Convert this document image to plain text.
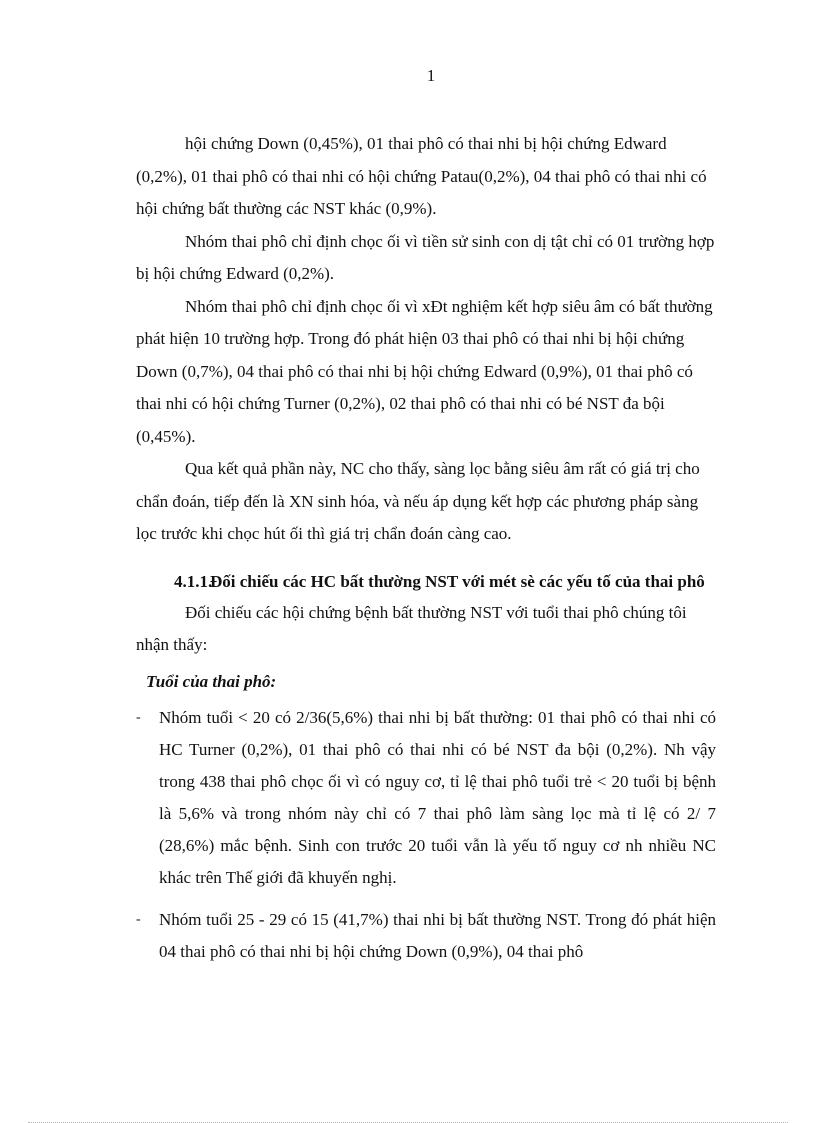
1

hội chứng Down (0,45%), 01 thai phô có thai nhi bị hội chứng Edward (0,2%), 01 thai phô có thai nhi có hội chứng Patau(0,2%), 04 thai phô có thai nhi có hội chứng bất thường các NST khác (0,9%).

Nhóm thai phô chỉ định chọc ối vì tiền sử sinh con dị tật chỉ có 01 trường hợp bị hội chứng Edward (0,2%).

Nhóm thai phô chỉ định chọc ối vì xÐt nghiệm kết hợp siêu âm có bất thường phát hiện 10 trường hợp. Trong đó phát hiện 03 thai phô có thai nhi bị hội chứng Down (0,7%), 04 thai phô có thai nhi bị hội chứng Edward (0,9%), 01 thai phô có thai nhi có hội chứng Turner (0,2%), 02 thai phô có thai nhi có bé NST đa bội (0,45%).

Qua kết quả phần này, NC cho thấy, sàng lọc bằng siêu âm rất có giá trị cho chẩn đoán, tiếp đến là XN sinh hóa, và nếu áp dụng kết hợp các phương pháp sàng lọc trước khi chọc hút ối thì giá trị chẩn đoán càng cao.

4.1.1.
Đối chiếu các HC bất thường NST với mét sè các yếu tố của thai phô

Đối chiếu các hội chứng bệnh bất thường NST với tuổi thai phô chúng tôi nhận thấy:

Tuổi của thai phô:

- Nhóm tuổi < 20 có 2/36(5,6%) thai nhi bị bất thường: 01 thai phô có thai nhi có HC Turner (0,2%), 01 thai phô có thai nhi có bé NST đa bội (0,2%). Nh vậy trong 438 thai phô chọc ối vì có nguy cơ, tỉ lệ thai phô tuổi trẻ < 20 tuổi bị bệnh là 5,6% và trong nhóm này chỉ có 7 thai phô làm sàng lọc mà tỉ lệ có 2/ 7 (28,6%) mắc bệnh. Sinh con trước 20 tuổi vẫn là yếu tố nguy cơ nh nhiều NC khác trên Thế giới đã khuyến nghị.

- Nhóm tuổi 25 - 29 có 15 (41,7%) thai nhi bị bất thường NST. Trong đó phát hiện 04 thai phô có thai nhi bị hội chứng Down (0,9%), 04 thai phô
